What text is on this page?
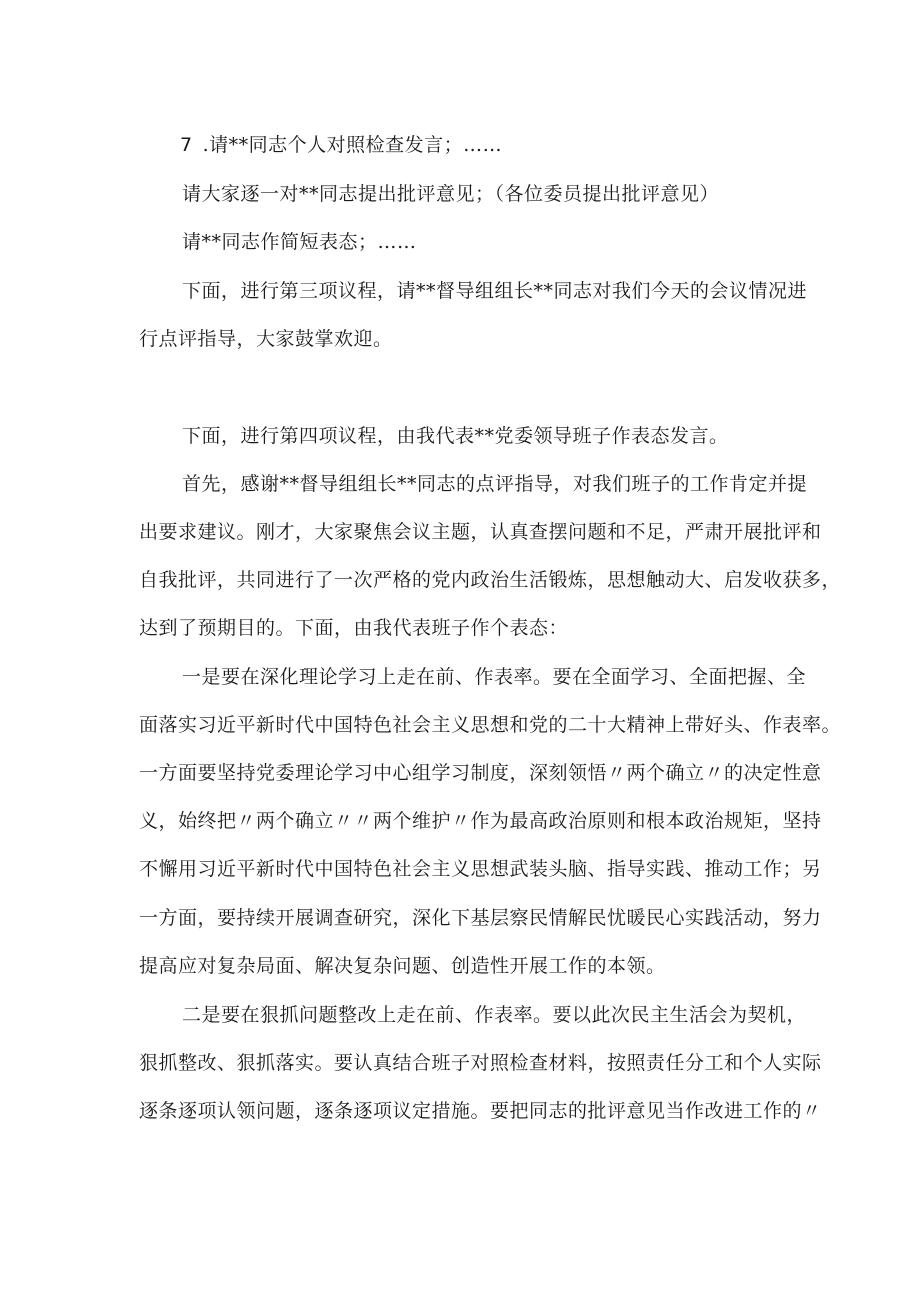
7 .请**同志个人对照检查发言；……

请大家逐一对**同志提出批评意见；（各位委员提出批评意见）

请**同志作简短表态；……

下面，进行第三项议程，请**督导组组长**同志对我们今天的会议情况进

行点评指导，大家鼓掌欢迎。

下面，进行第四项议程，由我代表**党委领导班子作表态发言。

首先，感谢**督导组组长**同志的点评指导，对我们班子的工作肯定并提

出要求建议。刚才，大家聚焦会议主题，认真查摆问题和不足，严肃开展批评和

自我批评，共同进行了一次严格的党内政治生活锻炼，思想触动大、启发收获多，

达到了预期目的。下面，由我代表班子作个表态：

一是要在深化理论学习上走在前、作表率。要在全面学习、全面把握、全

面落实习近平新时代中国特色社会主义思想和党的二十大精神上带好头、作表率。

一方面要坚持党委理论学习中心组学习制度，深刻领悟〃两个确立〃的决定性意

义，始终把〃两个确立〃〃两个维护〃作为最高政治原则和根本政治规矩，坚持

不懈用习近平新时代中国特色社会主义思想武装头脑、指导实践、推动工作；另

一方面，要持续开展调查研究，深化下基层察民情解民忧暖民心实践活动，努力

提高应对复杂局面、解决复杂问题、创造性开展工作的本领。

二是要在狠抓问题整改上走在前、作表率。要以此次民主生活会为契机，

狠抓整改、狠抓落实。要认真结合班子对照检查材料，按照责任分工和个人实际

逐条逐项认领问题，逐条逐项议定措施。要把同志的批评意见当作改进工作的〃
